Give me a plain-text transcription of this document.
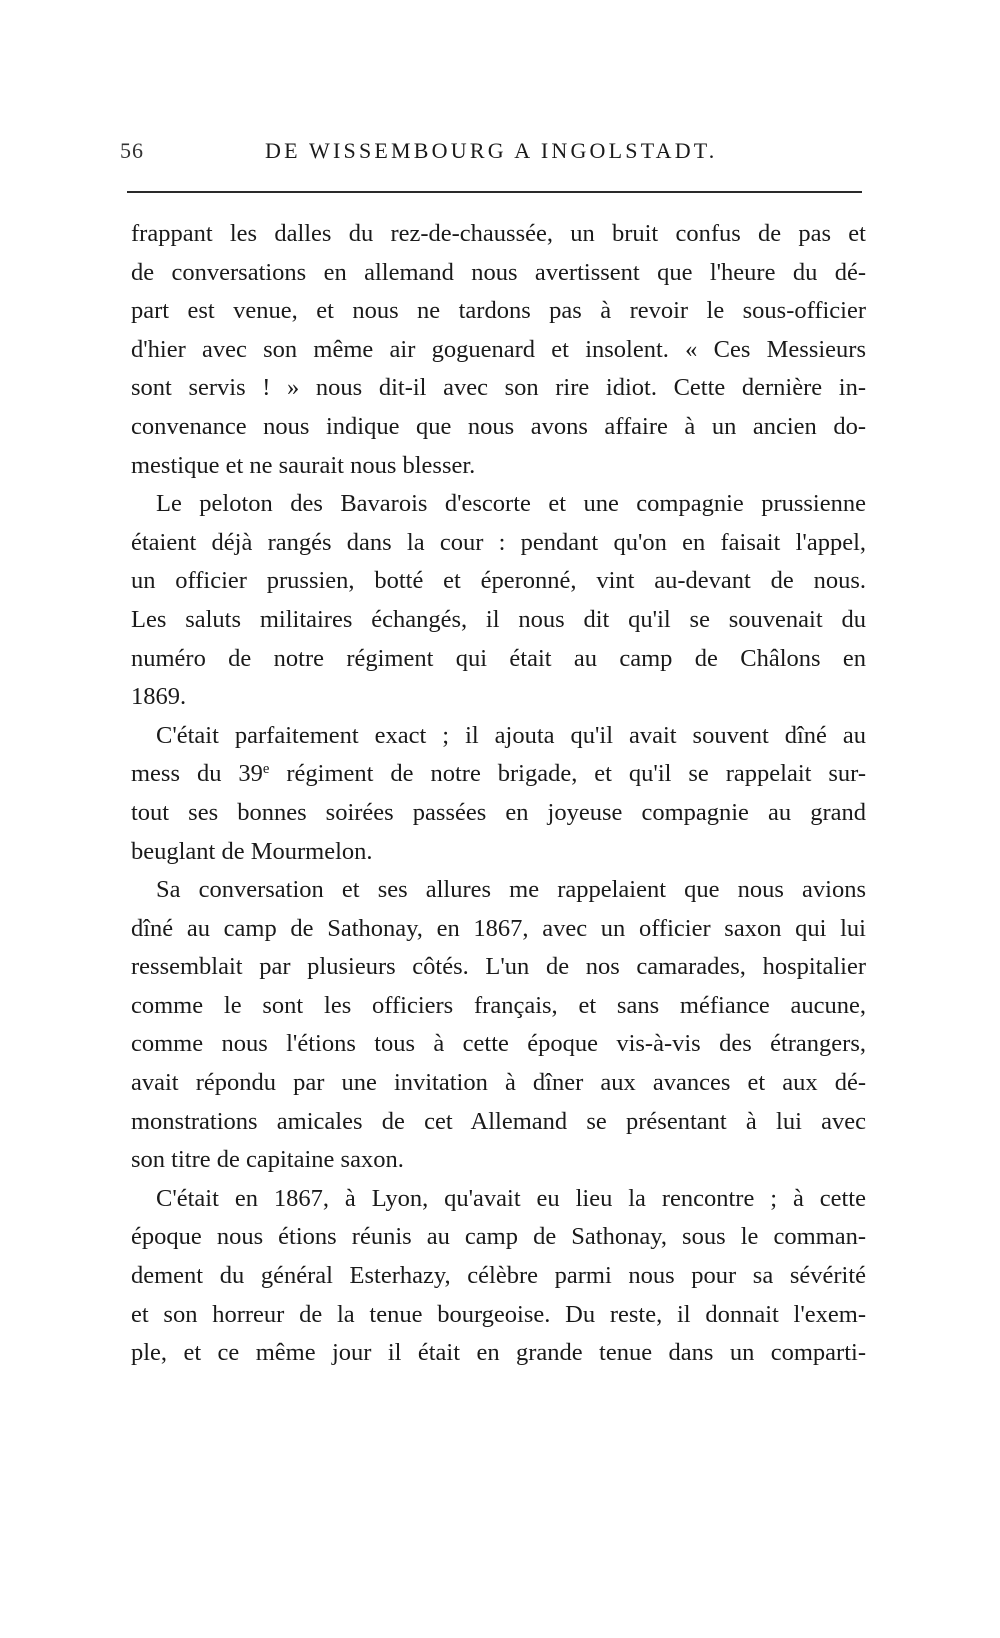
56	DE WISSEMBOURG A INGOLSTADT.
frappant les dalles du rez-de-chaussée, un bruit confus de pas et
de conversations en allemand nous avertissent que l'heure du dé-
part est venue, et nous ne tardons pas à revoir le sous-officier
d'hier avec son même air goguenard et insolent. « Ces Messieurs
sont servis ! » nous dit-il avec son rire idiot. Cette dernière in-
convenance nous indique que nous avons affaire à un ancien do-
mestique et ne saurait nous blesser.
Le peloton des Bavarois d'escorte et une compagnie prussienne
étaient déjà rangés dans la cour : pendant qu'on en faisait l'appel,
un officier prussien, botté et éperonné, vint au-devant de nous.
Les saluts militaires échangés, il nous dit qu'il se souvenait du
numéro de notre régiment qui était au camp de Châlons en
1869.
C'était parfaitement exact ; il ajouta qu'il avait souvent dîné au
mess du 39e régiment de notre brigade, et qu'il se rappelait sur-
tout ses bonnes soirées passées en joyeuse compagnie au grand
beuglant de Mourmelon.
Sa conversation et ses allures me rappelaient que nous avions
dîné au camp de Sathonay, en 1867, avec un officier saxon qui lui
ressemblait par plusieurs côtés. L'un de nos camarades, hospitalier
comme le sont les officiers français, et sans méfiance aucune,
comme nous l'étions tous à cette époque vis-à-vis des étrangers,
avait répondu par une invitation à dîner aux avances et aux dé-
monstrations amicales de cet Allemand se présentant à lui avec
son titre de capitaine saxon.
C'était en 1867, à Lyon, qu'avait eu lieu la rencontre ; à cette
époque nous étions réunis au camp de Sathonay, sous le comman-
dement du général Esterhazy, célèbre parmi nous pour sa sévérité
et son horreur de la tenue bourgeoise. Du reste, il donnait l'exem-
ple, et ce même jour il était en grande tenue dans un comparti-
